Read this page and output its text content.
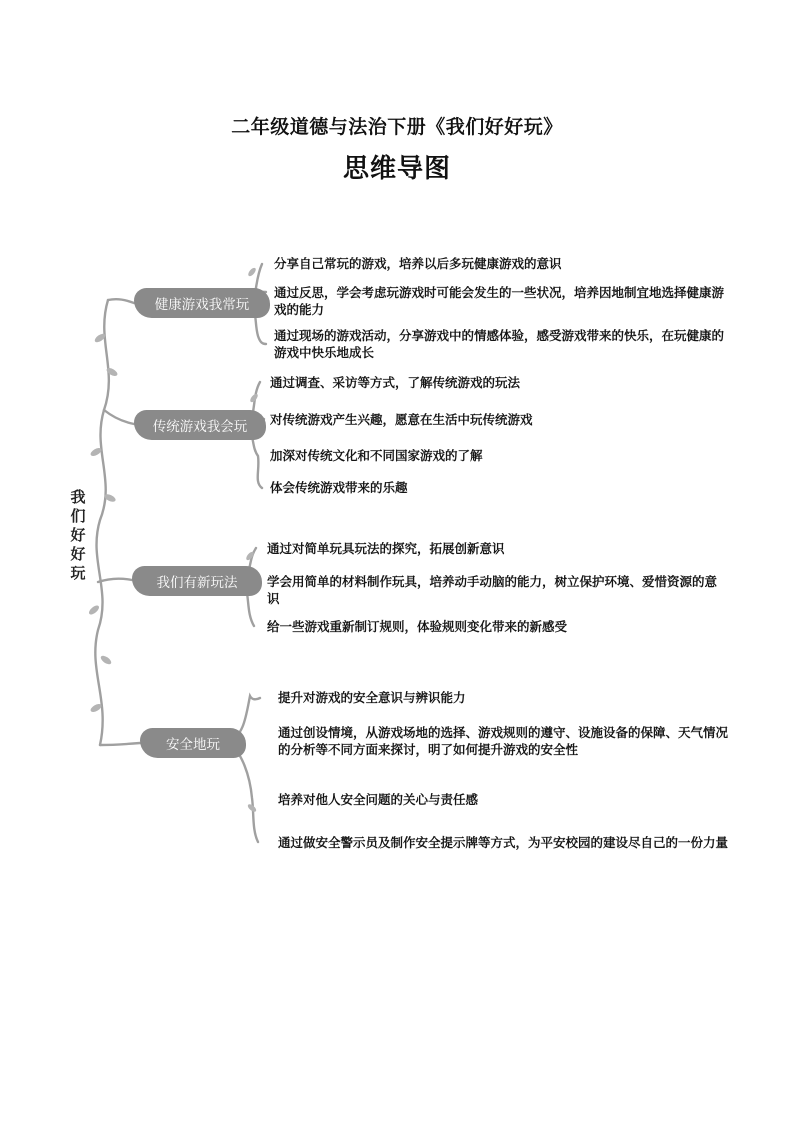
二年级道德与法治下册《我们好好玩》
思维导图
我们好好玩
健康游戏我常玩
分享自己常玩的游戏，培养以后多玩健康游戏的意识
通过反思，学会考虑玩游戏时可能会发生的一些状况，培养因地制宜地选择健康游戏的能力
通过现场的游戏活动，分享游戏中的情感体验，感受游戏带来的快乐，在玩健康的游戏中快乐地成长
传统游戏我会玩
通过调查、采访等方式，了解传统游戏的玩法
对传统游戏产生兴趣，愿意在生活中玩传统游戏
加深对传统文化和不同国家游戏的了解
体会传统游戏带来的乐趣
我们有新玩法
通过对简单玩具玩法的探究，拓展创新意识
学会用简单的材料制作玩具，培养动手动脑的能力，树立保护环境、爱惜资源的意识
给一些游戏重新制订规则，体验规则变化带来的新感受
安全地玩
提升对游戏的安全意识与辨识能力
通过创设情境，从游戏场地的选择、游戏规则的遵守、设施设备的保障、天气情况的分析等不同方面来探讨，明了如何提升游戏的安全性
培养对他人安全问题的关心与责任感
通过做安全警示员及制作安全提示牌等方式，为平安校园的建设尽自己的一份力量
